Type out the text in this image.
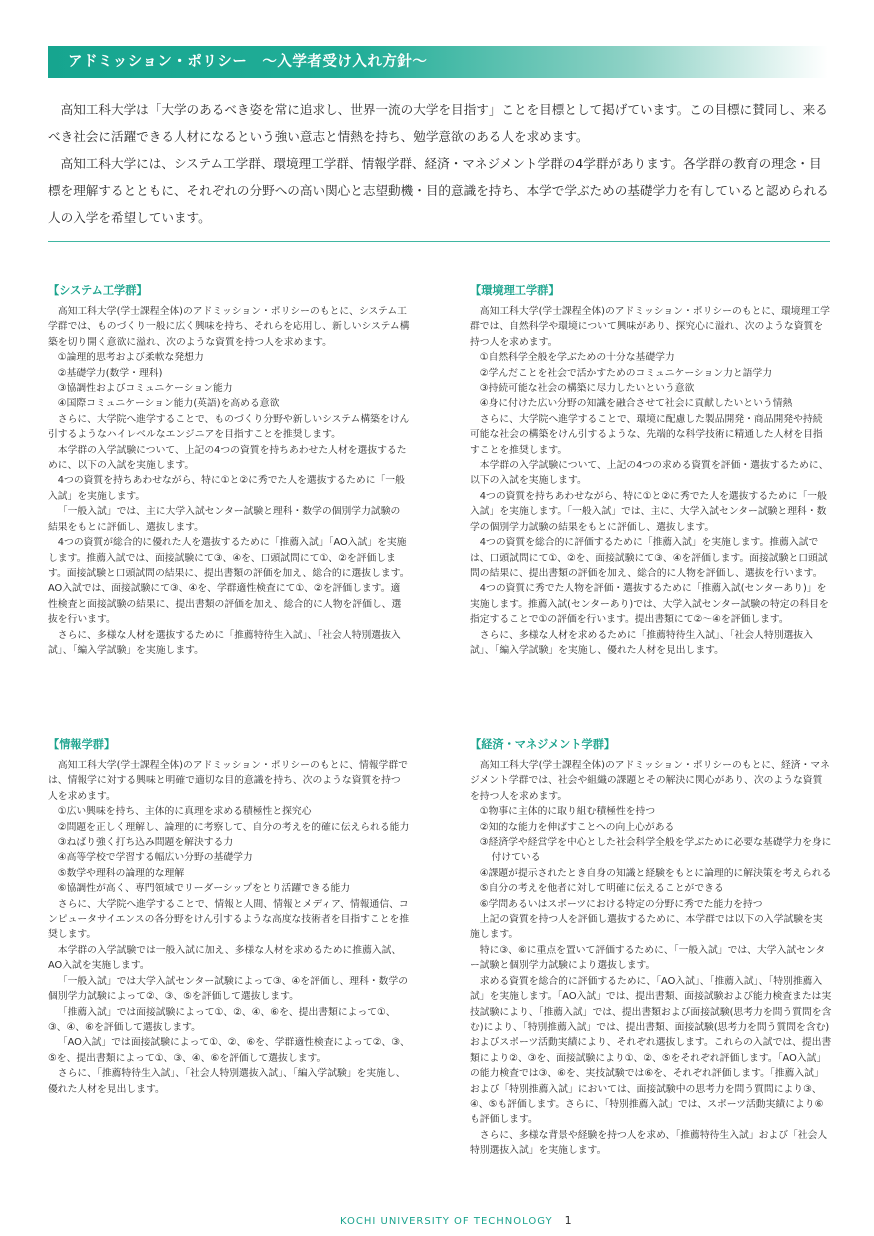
アドミッション・ポリシー　～入学者受け入れ方針～

高知工科大学は「大学のあるべき姿を常に追求し、世界一流の大学を目指す」ことを目標として掲げています。この目標に賛同し、来るべき社会に活躍できる人材になるという強い意志と情熱を持ち、勉学意欲のある人を求めます。

高知工科大学には、システム工学群、環境理工学群、情報学群、経済・マネジメント学群の4学群があります。各学群の教育の理念・目標を理解するとともに、それぞれの分野への高い関心と志望動機・目的意識を持ち、本学で学ぶための基礎学力を有していると認められる人の入学を希望しています。

【システム工学群】

高知工科大学(学士課程全体)のアドミッション・ポリシーのもとに、システム工学群では、ものづくり一般に広く興味を持ち、それらを応用し、新しいシステム構築を切り開く意欲に溢れ、次のような資質を持つ人を求めます。

①論理的思考および柔軟な発想力

②基礎学力(数学・理科)

③協調性およびコミュニケーション能力

④国際コミュニケーション能力(英語)を高める意欲

さらに、大学院へ進学することで、ものづくり分野や新しいシステム構築をけん引するようなハイレベルなエンジニアを目指すことを推奨します。

本学群の入学試験について、上記の4つの資質を持ちあわせた人材を選抜するために、以下の入試を実施します。

4つの資質を持ちあわせながら、特に①と②に秀でた人を選抜するために「一般入試」を実施します。

「一般入試」では、主に大学入試センター試験と理科・数学の個別学力試験の結果をもとに評価し、選抜します。

4つの資質が総合的に優れた人を選抜するために「推薦入試」「AO入試」を実施します。推薦入試では、面接試験にて③、④を、口頭試問にて①、②を評価します。面接試験と口頭試問の結果に、提出書類の評価を加え、総合的に選抜します。AO入試では、面接試験にて③、④を、学群適性検査にて①、②を評価します。適性検査と面接試験の結果に、提出書類の評価を加え、総合的に人物を評価し、選抜を行います。

さらに、多様な人材を選抜するために「推薦特待生入試」、「社会人特別選抜入試」、「編入学試験」を実施します。

【環境理工学群】

高知工科大学(学士課程全体)のアドミッション・ポリシーのもとに、環境理工学群では、自然科学や環境について興味があり、探究心に溢れ、次のような資質を持つ人を求めます。

①自然科学全般を学ぶための十分な基礎学力

②学んだことを社会で活かすためのコミュニケーション力と語学力

③持続可能な社会の構築に尽力したいという意欲

④身に付けた広い分野の知識を融合させて社会に貢献したいという情熱

さらに、大学院へ進学することで、環境に配慮した製品開発・商品開発や持続可能な社会の構築をけん引するような、先端的な科学技術に精通した人材を目指すことを推奨します。

本学群の入学試験について、上記の4つの求める資質を評価・選抜するために、以下の入試を実施します。

4つの資質を持ちあわせながら、特に①と②に秀でた人を選抜するために「一般入試」を実施します。「一般入試」では、主に、大学入試センター試験と理科・数学の個別学力試験の結果をもとに評価し、選抜します。

4つの資質を総合的に評価するために「推薦入試」を実施します。推薦入試では、口頭試問にて①、②を、面接試験にて③、④を評価します。面接試験と口頭試問の結果に、提出書類の評価を加え、総合的に人物を評価し、選抜を行います。

4つの資質に秀でた人物を評価・選抜するために「推薦入試(センターあり)」を実施します。推薦入試(センターあり)では、大学入試センター試験の特定の科目を指定することで①の評価を行います。提出書類にて②～④を評価します。

さらに、多様な人材を求めるために「推薦特待生入試」、「社会人特別選抜入試」、「編入学試験」を実施し、優れた人材を見出します。

【情報学群】

高知工科大学(学士課程全体)のアドミッション・ポリシーのもとに、情報学群では、情報学に対する興味と明確で適切な目的意識を持ち、次のような資質を持つ人を求めます。

①広い興味を持ち、主体的に真理を求める積極性と探究心

②問題を正しく理解し、論理的に考察して、自分の考えを的確に伝えられる能力

③ねばり強く打ち込み問題を解決する力

④高等学校で学習する幅広い分野の基礎学力

⑤数学や理科の論理的な理解

⑥協調性が高く、専門領域でリーダーシップをとり活躍できる能力

さらに、大学院へ進学することで、情報と人間、情報とメディア、情報通信、コンピュータサイエンスの各分野をけん引するような高度な技術者を目指すことを推奨します。

本学群の入学試験では一般入試に加え、多様な人材を求めるために推薦入試、AO入試を実施します。

「一般入試」では大学入試センター試験によって③、④を評価し、理科・数学の個別学力試験によって②、③、⑤を評価して選抜します。

「推薦入試」では面接試験によって①、②、④、⑥を、提出書類によって①、③、④、⑥を評価して選抜します。

「AO入試」では面接試験によって①、②、⑥を、学群適性検査によって②、③、⑤を、提出書類によって①、③、④、⑥を評価して選抜します。

さらに、「推薦特待生入試」、「社会人特別選抜入試」、「編入学試験」を実施し、優れた人材を見出します。

【経済・マネジメント学群】

高知工科大学(学士課程全体)のアドミッション・ポリシーのもとに、経済・マネジメント学群では、社会や組織の課題とその解決に関心があり、次のような資質を持つ人を求めます。

①物事に主体的に取り組む積極性を持つ

②知的な能力を伸ばすことへの向上心がある

③経済学や経営学を中心とした社会科学全般を学ぶために必要な基礎学力を身に付けている

④課題が提示されたとき自身の知識と経験をもとに論理的に解決策を考えられる

⑤自分の考えを他者に対して明確に伝えることができる

⑥学問あるいはスポーツにおける特定の分野に秀でた能力を持つ

上記の資質を持つ人を評価し選抜するために、本学群では以下の入学試験を実施します。

特に③、⑥に重点を置いて評価するために、「一般入試」では、大学入試センター試験と個別学力試験により選抜します。

求める資質を総合的に評価するために、「AO入試」、「推薦入試」、「特別推薦入試」を実施します。「AO入試」では、提出書類、面接試験および能力検査または実技試験により、「推薦入試」では、提出書類および面接試験(思考力を問う質問を含む)により、「特別推薦入試」では、提出書類、面接試験(思考力を問う質問を含む)およびスポーツ活動実績により、それぞれ選抜します。これらの入試では、提出書類により②、③を、面接試験により①、②、⑤をそれぞれ評価します。「AO入試」の能力検査では③、⑥を、実技試験では⑥を、それぞれ評価します。「推薦入試」および「特別推薦入試」においては、面接試験中の思考力を問う質問により③、④、⑤も評価します。さらに、「特別推薦入試」では、スポーツ活動実績により⑥も評価します。

さらに、多様な背景や経験を持つ人を求め、「推薦特待生入試」および「社会人特別選抜入試」を実施します。

KOCHI UNIVERSITY OF TECHNOLOGY 1
